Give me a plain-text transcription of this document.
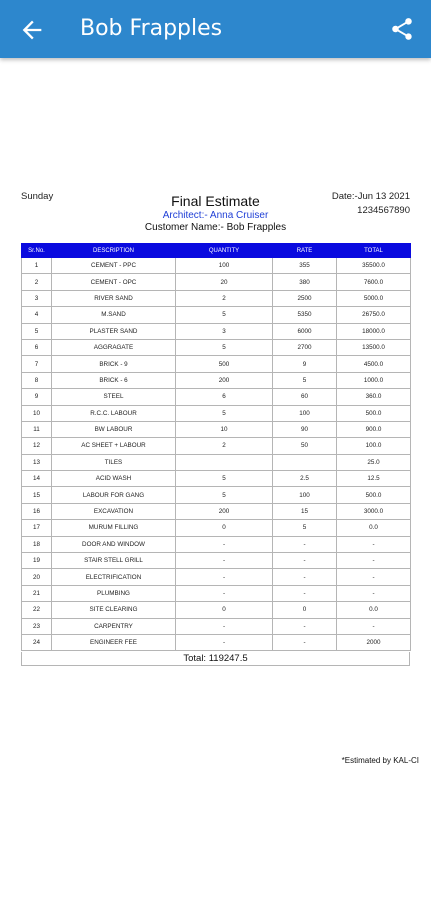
Bob Frapples
Sunday	Final Estimate
Architect:- Anna Cruiser
Customer Name:- Bob Frapples
Date:-Jun 13 2021
1234567890
Sr.No.	DESCRIPTION	QUANTITY	RATE	TOTAL
1	CEMENT - PPC	100	355	35500.0
2	CEMENT - OPC	20	380	7600.0
3	RIVER SAND	2	2500	5000.0
4	M.SAND	5	5350	26750.0
5	PLASTER SAND	3	6000	18000.0
6	AGGRAGATE	5	2700	13500.0
7	BRICK - 9	500	9	4500.0
8	BRICK - 6	200	5	1000.0
9	STEEL	6	60	360.0
10	R.C.C. LABOUR	5	100	500.0
11	BW LABOUR	10	90	900.0
12	AC SHEET + LABOUR	2	50	100.0
13	TILES			25.0
14	ACID WASH	5	2.5	12.5
15	LABOUR FOR GANG	5	100	500.0
16	EXCAVATION	200	15	3000.0
17	MURUM FILLING	0	5	0.0
18	DOOR AND WINDOW	-	-	-
19	STAIR STELL GRILL	-	-	-
20	ELECTRIFICATION	-	-	-
21	PLUMBING	-	-	-
22	SITE CLEARING	0	0	0.0
23	CARPENTRY	-	-	-
24	ENGINEER FEE	-	-	2000
Total: 119247.5
*Estimated by KAL-CI
